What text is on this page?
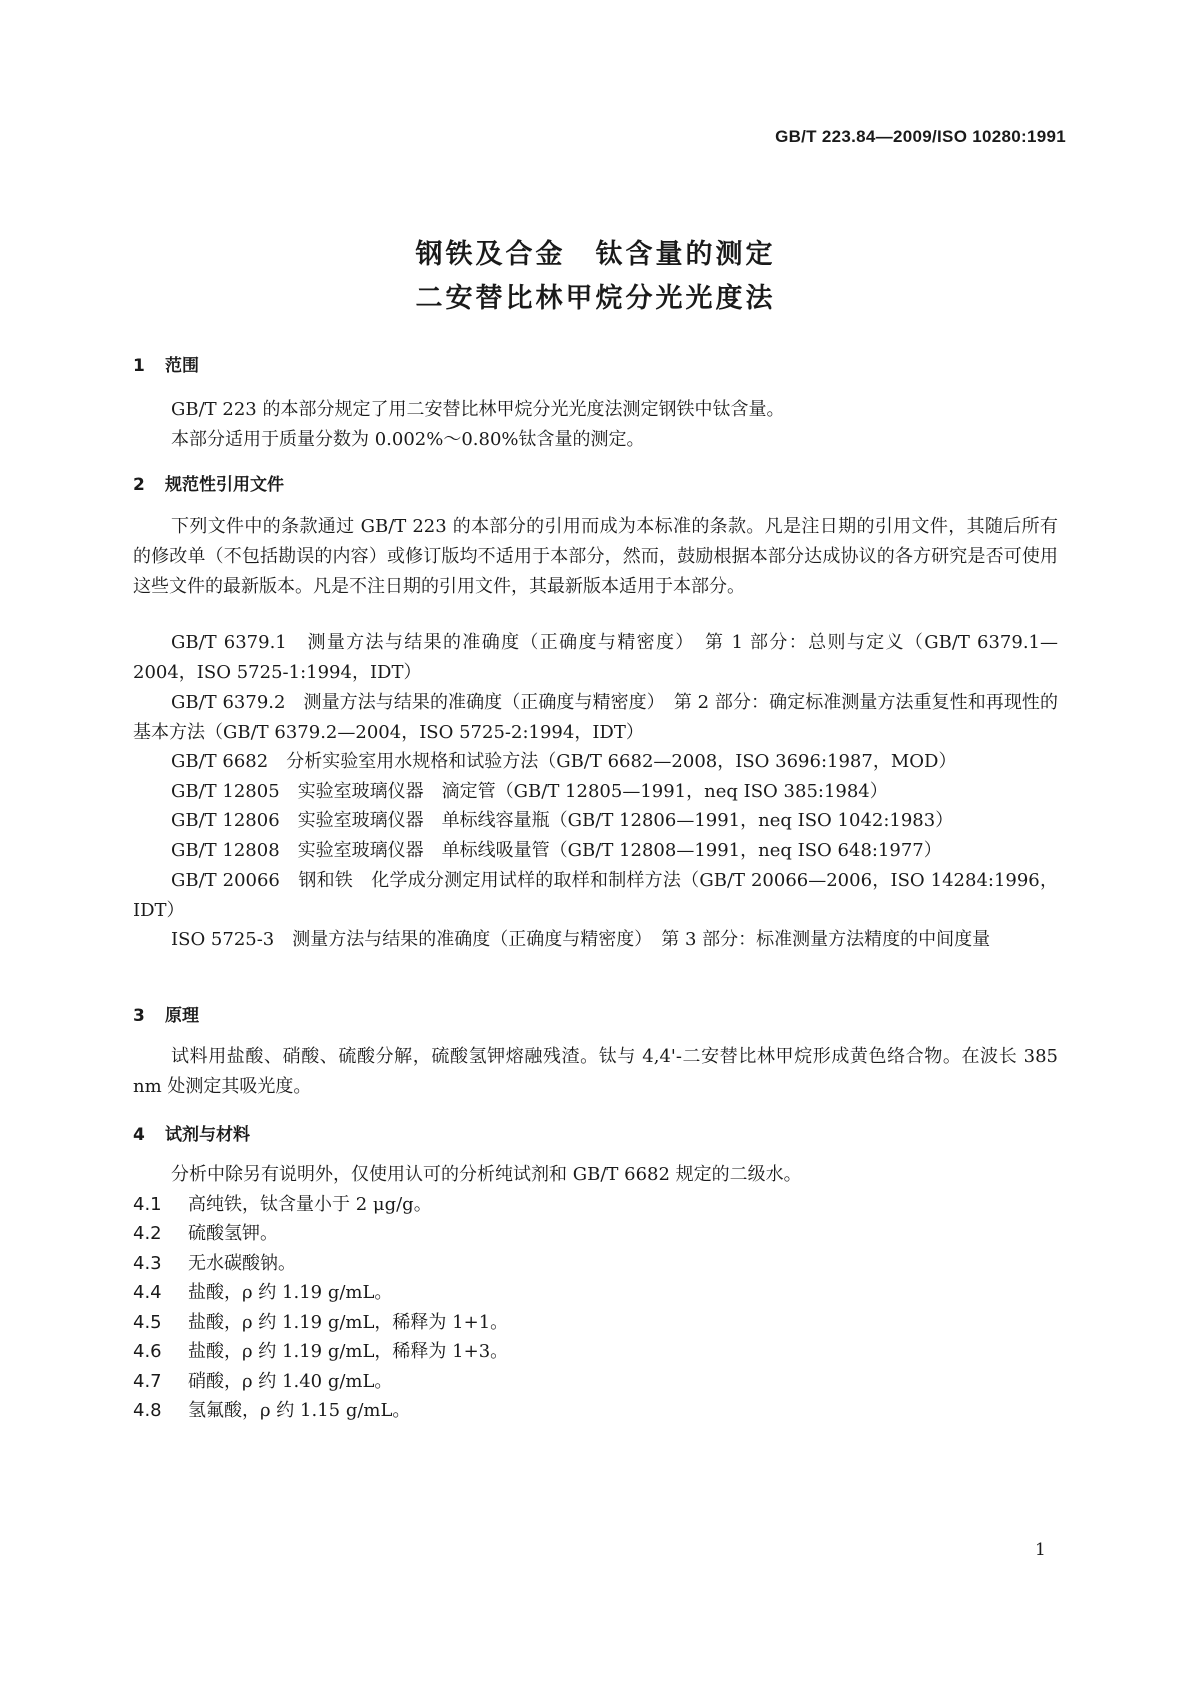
GB/T 223.84—2009/ISO 10280:1991
钢铁及合金　钛含量的测定
二安替比林甲烷分光光度法
1 范围
GB/T 223 的本部分规定了用二安替比林甲烷分光光度法测定钢铁中钛含量。
本部分适用于质量分数为 0.002%～0.80%钛含量的测定。
2 规范性引用文件
下列文件中的条款通过 GB/T 223 的本部分的引用而成为本标准的条款。凡是注日期的引用文件，其随后所有的修改单（不包括勘误的内容）或修订版均不适用于本部分，然而，鼓励根据本部分达成协议的各方研究是否可使用这些文件的最新版本。凡是不注日期的引用文件，其最新版本适用于本部分。
GB/T 6379.1　测量方法与结果的准确度（正确度与精密度）　第 1 部分：总则与定义（GB/T 6379.1—2004，ISO 5725-1:1994，IDT）
GB/T 6379.2　测量方法与结果的准确度（正确度与精密度）　第 2 部分：确定标准测量方法重复性和再现性的基本方法（GB/T 6379.2—2004，ISO 5725-2:1994，IDT）
GB/T 6682　分析实验室用水规格和试验方法（GB/T 6682—2008，ISO 3696:1987，MOD）
GB/T 12805　实验室玻璃仪器　滴定管（GB/T 12805—1991，neq ISO 385:1984）
GB/T 12806　实验室玻璃仪器　单标线容量瓶（GB/T 12806—1991，neq ISO 1042:1983）
GB/T 12808　实验室玻璃仪器　单标线吸量管（GB/T 12808—1991，neq ISO 648:1977）
GB/T 20066　钢和铁　化学成分测定用试样的取样和制样方法（GB/T 20066—2006，ISO 14284:1996，IDT）
ISO 5725-3　测量方法与结果的准确度（正确度与精密度）　第 3 部分：标准测量方法精度的中间度量
3 原理
试料用盐酸、硝酸、硫酸分解，硫酸氢钾熔融残渣。钛与 4,4'-二安替比林甲烷形成黄色络合物。在波长 385 nm 处测定其吸光度。
4 试剂与材料
分析中除另有说明外，仅使用认可的分析纯试剂和 GB/T 6682 规定的二级水。
4.1 高纯铁，钛含量小于 2 μg/g。
4.2 硫酸氢钾。
4.3 无水碳酸钠。
4.4 盐酸，ρ 约 1.19 g/mL。
4.5 盐酸，ρ 约 1.19 g/mL，稀释为 1+1。
4.6 盐酸，ρ 约 1.19 g/mL，稀释为 1+3。
4.7 硝酸，ρ 约 1.40 g/mL。
4.8 氢氟酸，ρ 约 1.15 g/mL。
1
